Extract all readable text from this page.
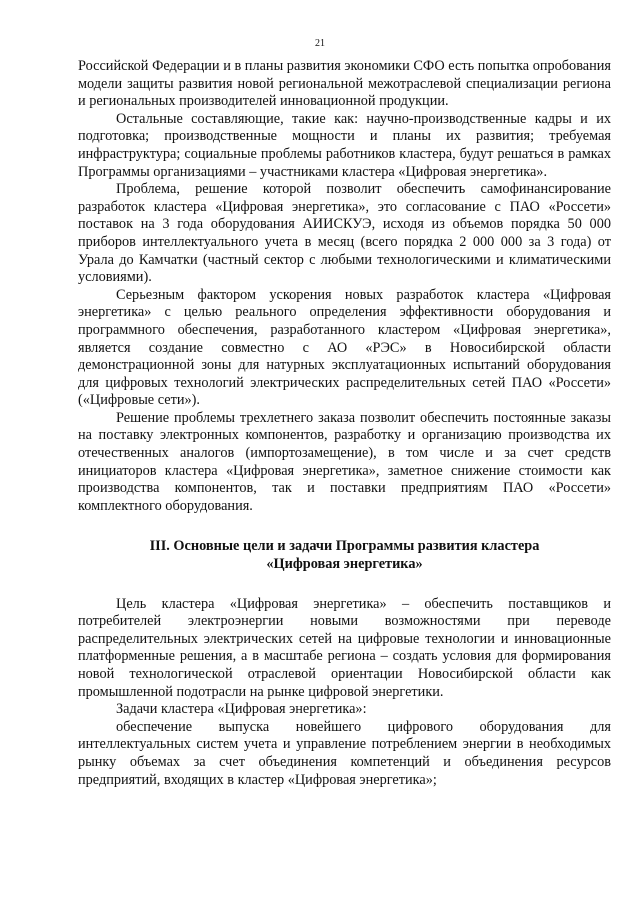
21

Российской Федерации и в планы развития экономики СФО есть попытка опробования модели защиты развития новой региональной межотраслевой специализации региона и региональных производителей инновационной продукции.

Остальные составляющие, такие как: научно-производственные кадры и их подготовка; производственные мощности и планы их развития; требуемая инфраструктура; социальные проблемы работников кластера, будут решаться в рамках Программы организациями – участниками кластера «Цифровая энергетика».

Проблема, решение которой позволит обеспечить самофинансирование разработок кластера «Цифровая энергетика», это согласование с ПАО «Россети» поставок на 3 года оборудования АИИСКУЭ, исходя из объемов порядка 50 000 приборов интеллектуального учета в месяц (всего порядка 2 000 000 за 3 года) от Урала до Камчатки (частный сектор с любыми технологическими и климатическими условиями).

Серьезным фактором ускорения новых разработок кластера «Цифровая энергетика» с целью реального определения эффективности оборудования и программного обеспечения, разработанного кластером «Цифровая энергетика», является создание совместно с АО «РЭС» в Новосибирской области демонстрационной зоны для натурных эксплуатационных испытаний оборудования для цифровых технологий электрических распределительных сетей ПАО «Россети» («Цифровые сети»).

Решение проблемы трехлетнего заказа позволит обеспечить постоянные заказы на поставку электронных компонентов, разработку и организацию производства их отечественных аналогов (импортозамещение), в том числе и за счет средств инициаторов кластера «Цифровая энергетика», заметное снижение стоимости как производства компонентов, так и поставки предприятиям ПАО «Россети» комплектного оборудования.

III. Основные цели и задачи Программы развития кластера
«Цифровая энергетика»

Цель кластера «Цифровая энергетика» – обеспечить поставщиков и потребителей электроэнергии новыми возможностями при переводе распределительных электрических сетей на цифровые технологии и инновационные платформенные решения, а в масштабе региона – создать условия для формирования новой технологической отраслевой ориентации Новосибирской области как промышленной подотрасли на рынке цифровой энергетики.

Задачи кластера «Цифровая энергетика»:

обеспечение выпуска новейшего цифрового оборудования для интеллектуальных систем учета и управление потреблением энергии в необходимых рынку объемах за счет объединения компетенций и объединения ресурсов предприятий, входящих в кластер «Цифровая энергетика»;
